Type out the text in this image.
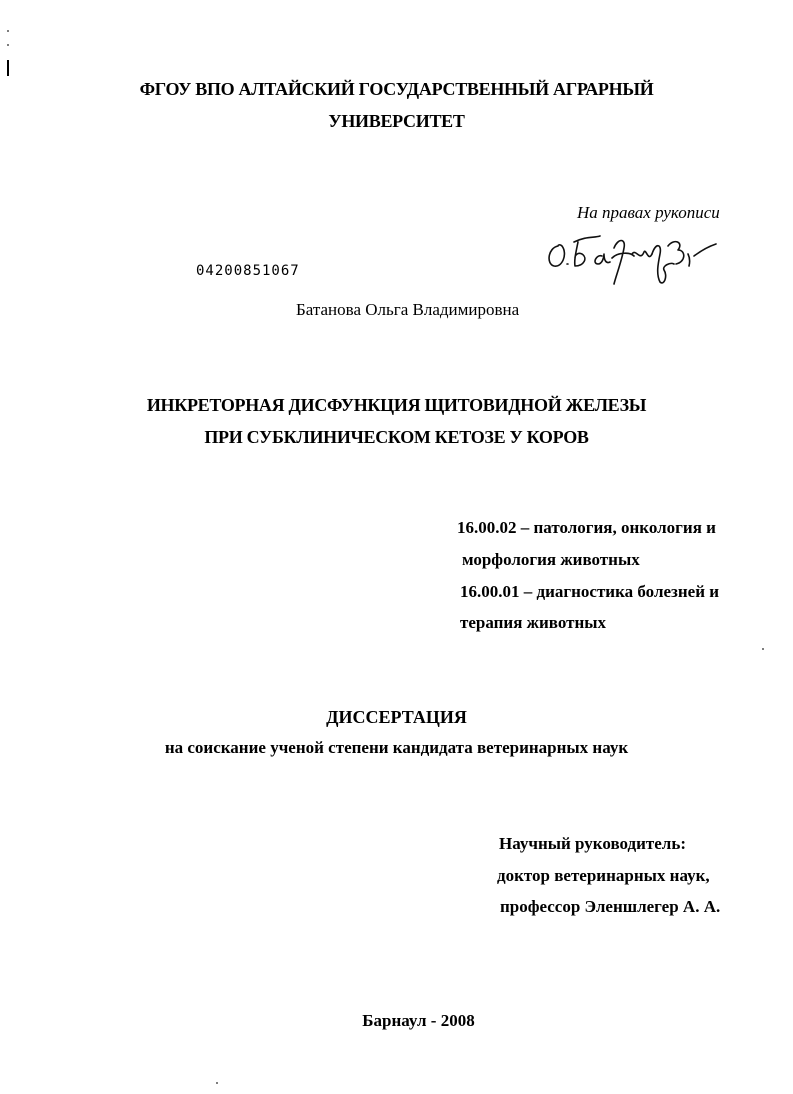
ФГОУ ВПО АЛТАЙСКИЙ ГОСУДАРСТВЕННЫЙ АГРАРНЫЙ
УНИВЕРСИТЕТ
На правах рукописи
04200851067
Батанова Ольга Владимировна
ИНКРЕТОРНАЯ ДИСФУНКЦИЯ ЩИТОВИДНОЙ ЖЕЛЕЗЫ
ПРИ СУБКЛИНИЧЕСКОМ КЕТОЗЕ У КОРОВ
16.00.02 – патология, онкология и
морфология животных
16.00.01 – диагностика болезней и
терапия животных
ДИССЕРТАЦИЯ
на соискание ученой степени кандидата ветеринарных наук
Научный руководитель:
доктор ветеринарных наук,
профессор Эленшлегер А. А.
Барнаул - 2008
